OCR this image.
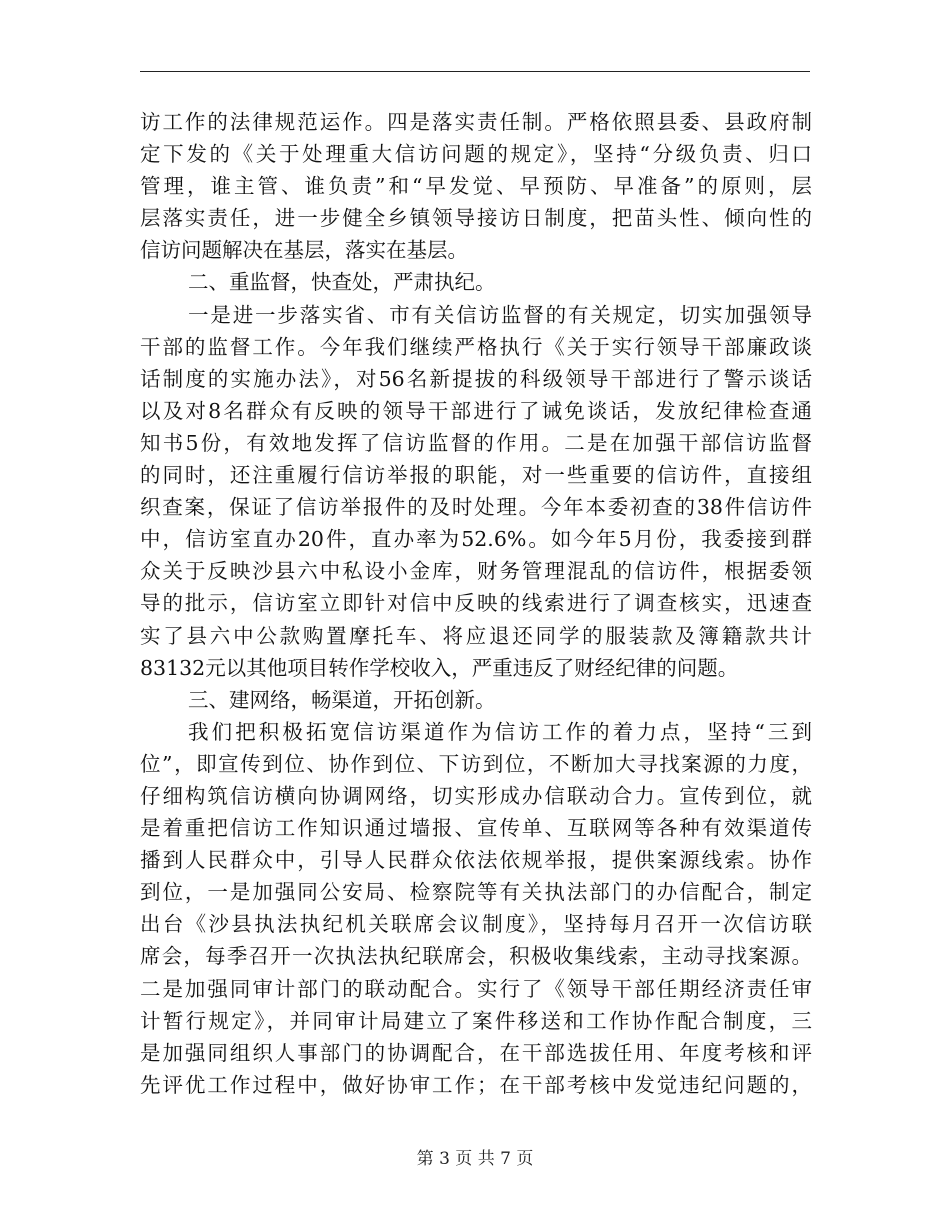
访工作的法律规范运作。四是落实责任制。严格依照县委、县政府制
定下发的《关于处理重大信访问题的规定》，坚持“分级负责、归口
管理，谁主管、谁负责”和“早发觉、早预防、早准备”的原则，层
层落实责任，进一步健全乡镇领导接访日制度，把苗头性、倾向性的
信访问题解决在基层，落实在基层。
二、重监督，快查处，严肃执纪。
一是进一步落实省、市有关信访监督的有关规定，切实加强领导
干部的监督工作。今年我们继续严格执行《关于实行领导干部廉政谈
话制度的实施办法》，对56名新提拔的科级领导干部进行了警示谈话
以及对8名群众有反映的领导干部进行了诫免谈话，发放纪律检查通
知书5份，有效地发挥了信访监督的作用。二是在加强干部信访监督
的同时，还注重履行信访举报的职能，对一些重要的信访件，直接组
织查案，保证了信访举报件的及时处理。今年本委初查的38件信访件
中，信访室直办20件，直办率为52.6%。如今年5月份，我委接到群
众关于反映沙县六中私设小金库，财务管理混乱的信访件，根据委领
导的批示，信访室立即针对信中反映的线索进行了调查核实，迅速查
实了县六中公款购置摩托车、将应退还同学的服装款及簿籍款共计
83132元以其他项目转作学校收入，严重违反了财经纪律的问题。
三、建网络，畅渠道，开拓创新。
我们把积极拓宽信访渠道作为信访工作的着力点，坚持“三到
位”，即宣传到位、协作到位、下访到位，不断加大寻找案源的力度，
仔细构筑信访横向协调网络，切实形成办信联动合力。宣传到位，就
是着重把信访工作知识通过墙报、宣传单、互联网等各种有效渠道传
播到人民群众中，引导人民群众依法依规举报，提供案源线索。协作
到位，一是加强同公安局、检察院等有关执法部门的办信配合，制定
出台《沙县执法执纪机关联席会议制度》，坚持每月召开一次信访联
席会，每季召开一次执法执纪联席会，积极收集线索，主动寻找案源。
二是加强同审计部门的联动配合。实行了《领导干部任期经济责任审
计暂行规定》，并同审计局建立了案件移送和工作协作配合制度，三
是加强同组织人事部门的协调配合，在干部选拔任用、年度考核和评
先评优工作过程中，做好协审工作；在干部考核中发觉违纪问题的，
第 3 页 共 7 页
